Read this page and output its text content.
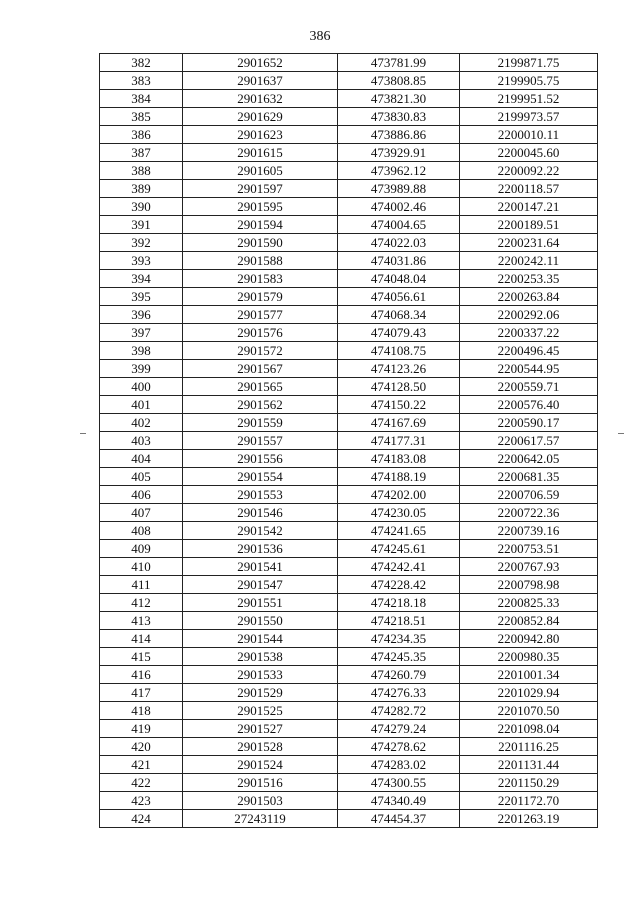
386
382	2901652	473781.99	2199871.75
383	2901637	473808.85	2199905.75
384	2901632	473821.30	2199951.52
385	2901629	473830.83	2199973.57
386	2901623	473886.86	2200010.11
387	2901615	473929.91	2200045.60
388	2901605	473962.12	2200092.22
389	2901597	473989.88	2200118.57
390	2901595	474002.46	2200147.21
391	2901594	474004.65	2200189.51
392	2901590	474022.03	2200231.64
393	2901588	474031.86	2200242.11
394	2901583	474048.04	2200253.35
395	2901579	474056.61	2200263.84
396	2901577	474068.34	2200292.06
397	2901576	474079.43	2200337.22
398	2901572	474108.75	2200496.45
399	2901567	474123.26	2200544.95
400	2901565	474128.50	2200559.71
401	2901562	474150.22	2200576.40
402	2901559	474167.69	2200590.17
403	2901557	474177.31	2200617.57
404	2901556	474183.08	2200642.05
405	2901554	474188.19	2200681.35
406	2901553	474202.00	2200706.59
407	2901546	474230.05	2200722.36
408	2901542	474241.65	2200739.16
409	2901536	474245.61	2200753.51
410	2901541	474242.41	2200767.93
411	2901547	474228.42	2200798.98
412	2901551	474218.18	2200825.33
413	2901550	474218.51	2200852.84
414	2901544	474234.35	2200942.80
415	2901538	474245.35	2200980.35
416	2901533	474260.79	2201001.34
417	2901529	474276.33	2201029.94
418	2901525	474282.72	2201070.50
419	2901527	474279.24	2201098.04
420	2901528	474278.62	2201116.25
421	2901524	474283.02	2201131.44
422	2901516	474300.55	2201150.29
423	2901503	474340.49	2201172.70
424	27243119	474454.37	2201263.19
